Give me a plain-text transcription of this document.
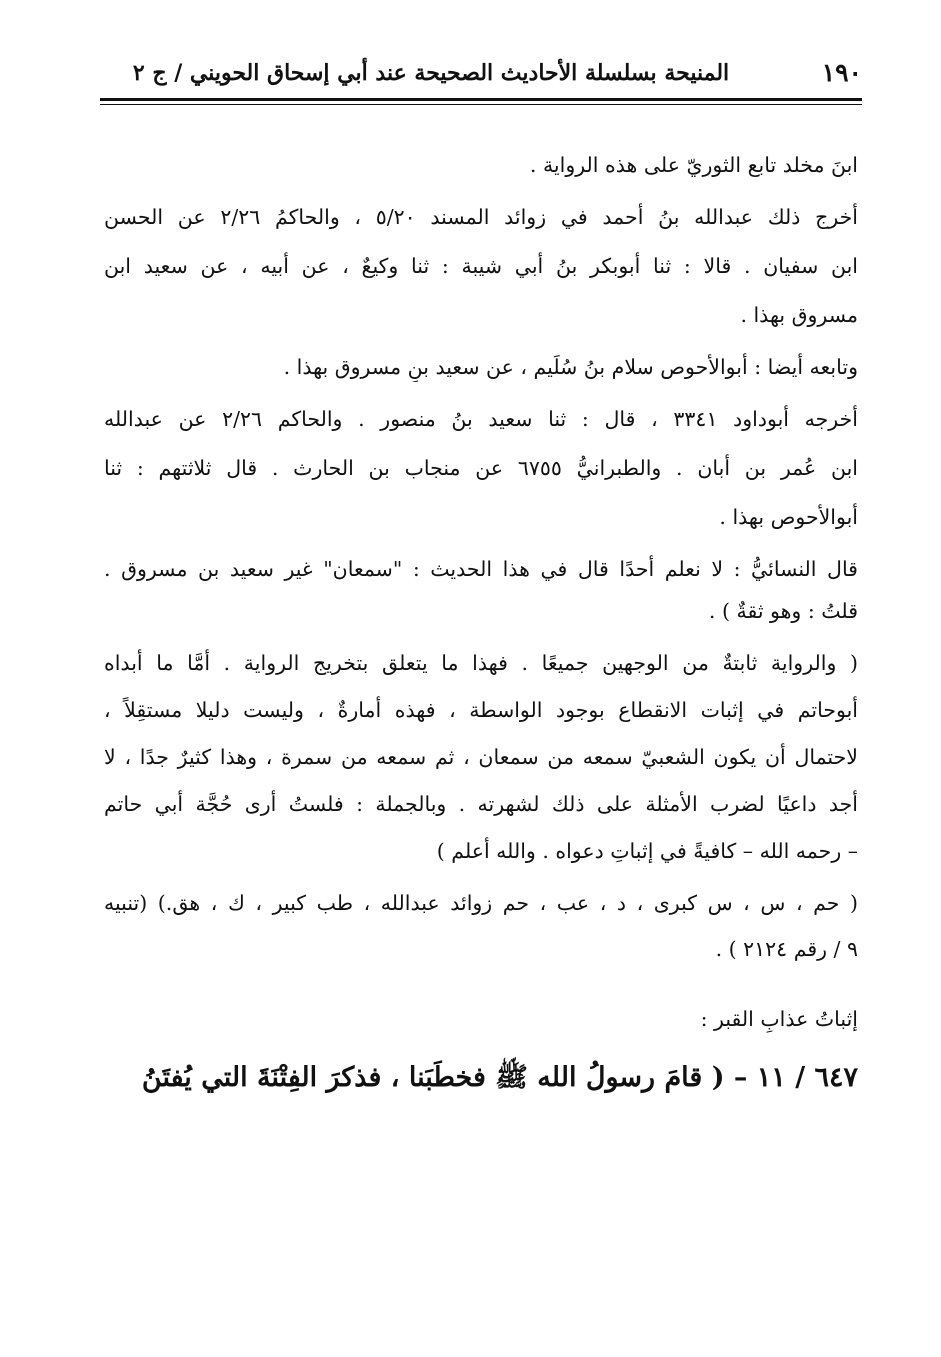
١٩٠
المنيحة بسلسلة الأحاديث الصحيحة عند أبي إسحاق الحويني / ج ٢
ابنَ مخلد تابع الثوريّ على هذه الرواية .
أخرج ذلك عبدالله بنُ أحمد في زوائد المسند ٥/٢٠ ، والحاكمُ ٢/٢٦ عن الحسن
ابن سفيان . قالا : ثنا أبوبكر بنُ أبي شيبة : ثنا وكيعٌ ، عن أبيه ، عن سعيد ابن
مسروق بهذا .
وتابعه أيضا : أبوالأحوص سلام بنُ سُلَيم ، عن سعيد بنِ مسروق بهذا .
أخرجه أبوداود ٣٣٤١ ، قال : ثنا سعيد بنُ منصور . والحاكم ٢/٢٦ عن عبدالله
ابن عُمر بن أبان . والطبرانيُّ ٦٧٥٥ عن منجاب بن الحارث . قال ثلاثتهم : ثنا
أبوالأحوص بهذا .
قال النسائيُّ : لا نعلم أحدًا قال في هذا الحديث : "سمعان" غير سعيد بن مسروق .
قلتُ : وهو ثقةٌ ) .
( والرواية ثابتةٌ من الوجهين جميعًا . فهذا ما يتعلق بتخريج الرواية . أمَّا ما أبداه
أبوحاتم في إثبات الانقطاع بوجود الواسطة ، فهذه أمارةٌ ، وليست دليلا مستقِلاً ،
لاحتمال أن يكون الشعبيّ سمعه من سمعان ، ثم سمعه من سمرة ، وهذا كثيرٌ جدًا ، لا
أجد داعيًا لضرب الأمثلة على ذلك لشهرته . وبالجملة : فلستُ أرى حُجَّة أبي حاتم
– رحمه الله – كافيةً في إثباتِ دعواه . والله أعلم )
( حم ، س ، س كبرى ، د ، عب ، حم زوائد عبدالله ، طب كبير ، ك ، هق.) (تنبيه
٩ / رقم ٢١٢٤ ) .
إثباتُ عذابِ القبر :
٦٤٧ / ١١ – ( قامَ رسولُ الله ﷺ فخطَبَنا ، فذكرَ الفِتْنَةَ التي يُفتَنُ
